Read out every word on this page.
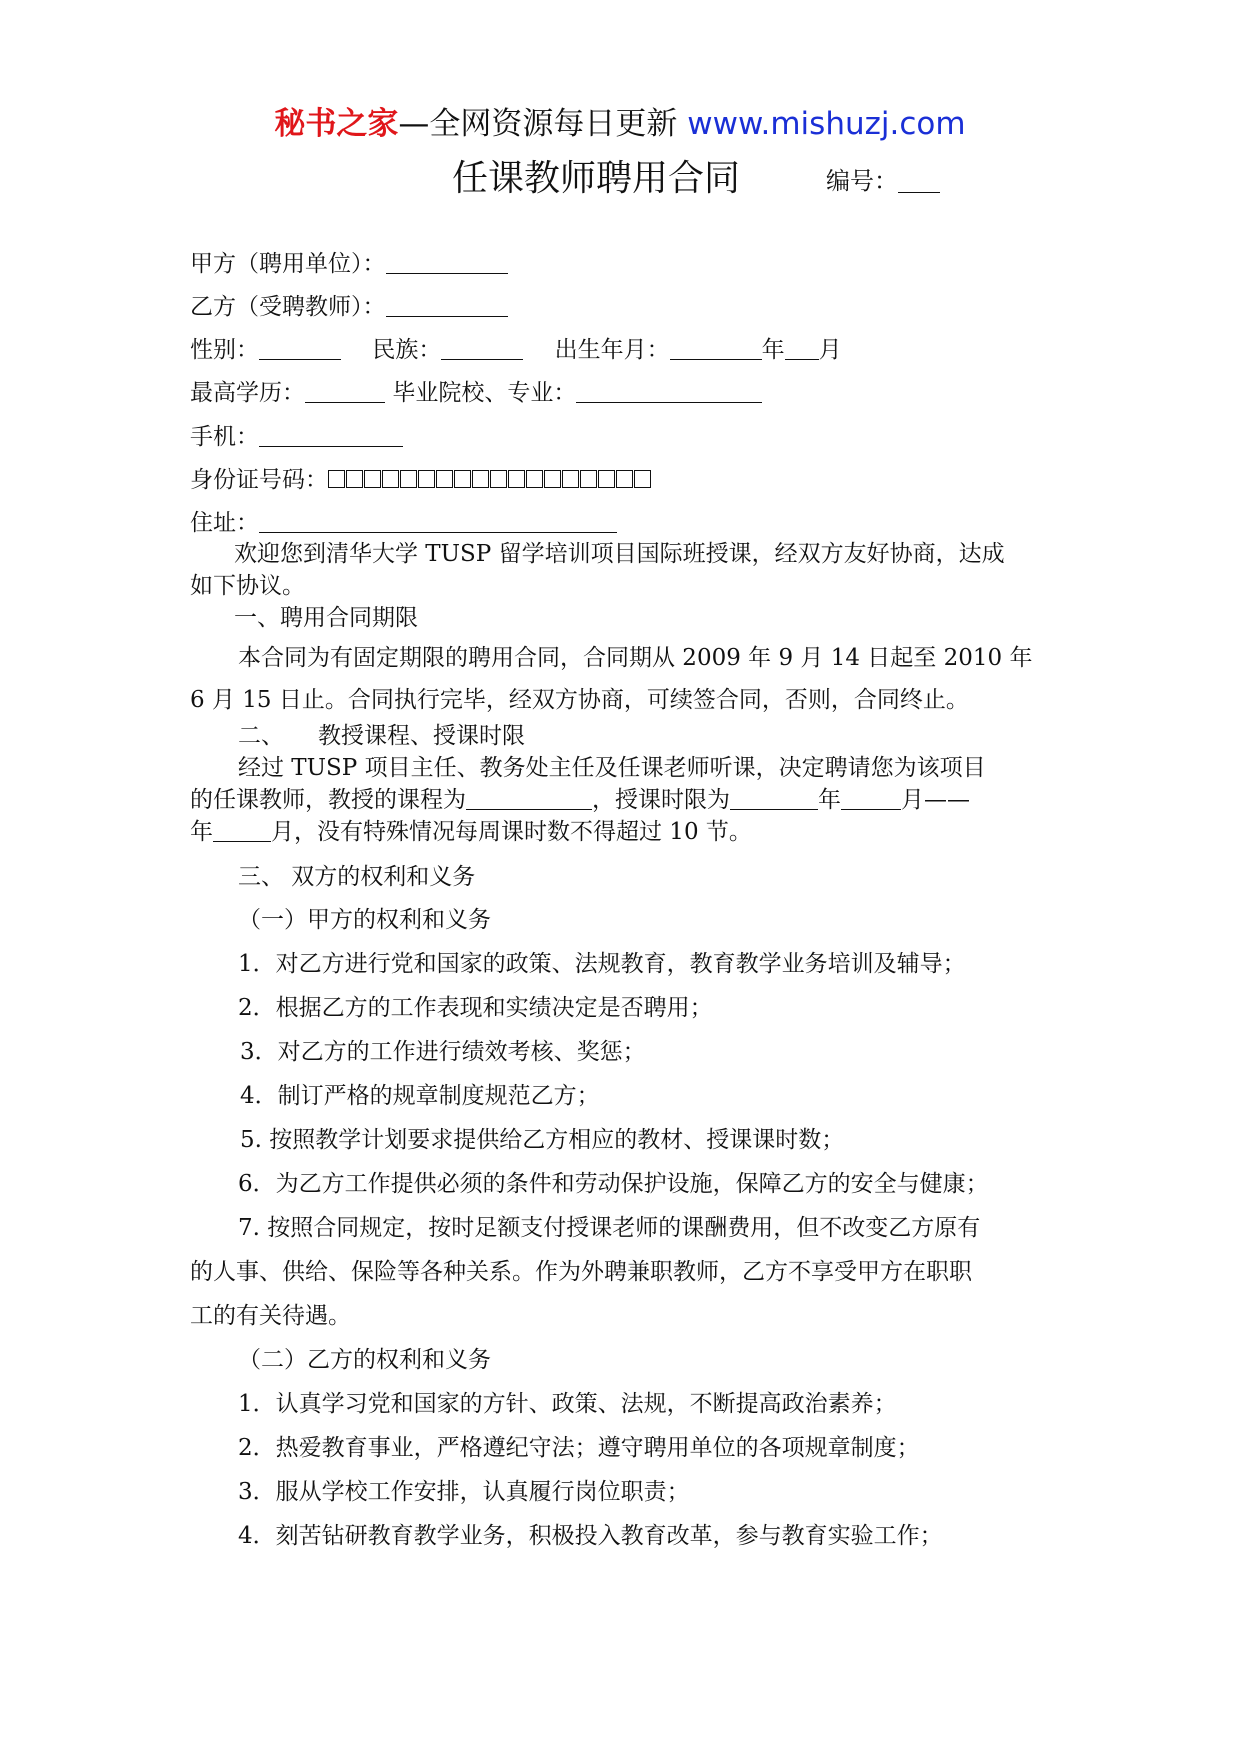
秘书之家—全网资源每日更新 www.mishuzj.com
任课教师聘用合同	编号：
甲方（聘用单位）：
乙方（受聘教师）：
性别：	民族：	出生年月：	年 月
最高学历：	毕业院校、专业：
手机：
身份证号码：
住址：
欢迎您到清华大学 TUSP 留学培训项目国际班授课，经双方友好协商，达成
如下协议。
一、聘用合同期限
本合同为有固定期限的聘用合同，合同期从 2009 年 9 月 14 日起至 2010 年
6 月 15 日止。合同执行完毕，经双方协商，可续签合同，否则，合同终止。
二、 教授课程、授课时限
经过 TUSP 项目主任、教务处主任及任课老师听课，决定聘请您为该项目
的任课教师，教授的课程为	，授课时限为	年	月——
年	月，没有特殊情况每周课时数不得超过 10 节。
三、 双方的权利和义务
（一）甲方的权利和义务
1．对乙方进行党和国家的政策、法规教育，教育教学业务培训及辅导；
2．根据乙方的工作表现和实绩决定是否聘用；
3．对乙方的工作进行绩效考核、奖惩；
4．制订严格的规章制度规范乙方；
5. 按照教学计划要求提供给乙方相应的教材、授课课时数；
6．为乙方工作提供必须的条件和劳动保护设施，保障乙方的安全与健康；
7. 按照合同规定，按时足额支付授课老师的课酬费用，但不改变乙方原有
的人事、供给、保险等各种关系。作为外聘兼职教师，乙方不享受甲方在职职
工的有关待遇。
（二）乙方的权利和义务
1．认真学习党和国家的方针、政策、法规，不断提高政治素养；
2．热爱教育事业，严格遵纪守法；遵守聘用单位的各项规章制度；
3．服从学校工作安排，认真履行岗位职责；
4．刻苦钻研教育教学业务，积极投入教育改革，参与教育实验工作；
